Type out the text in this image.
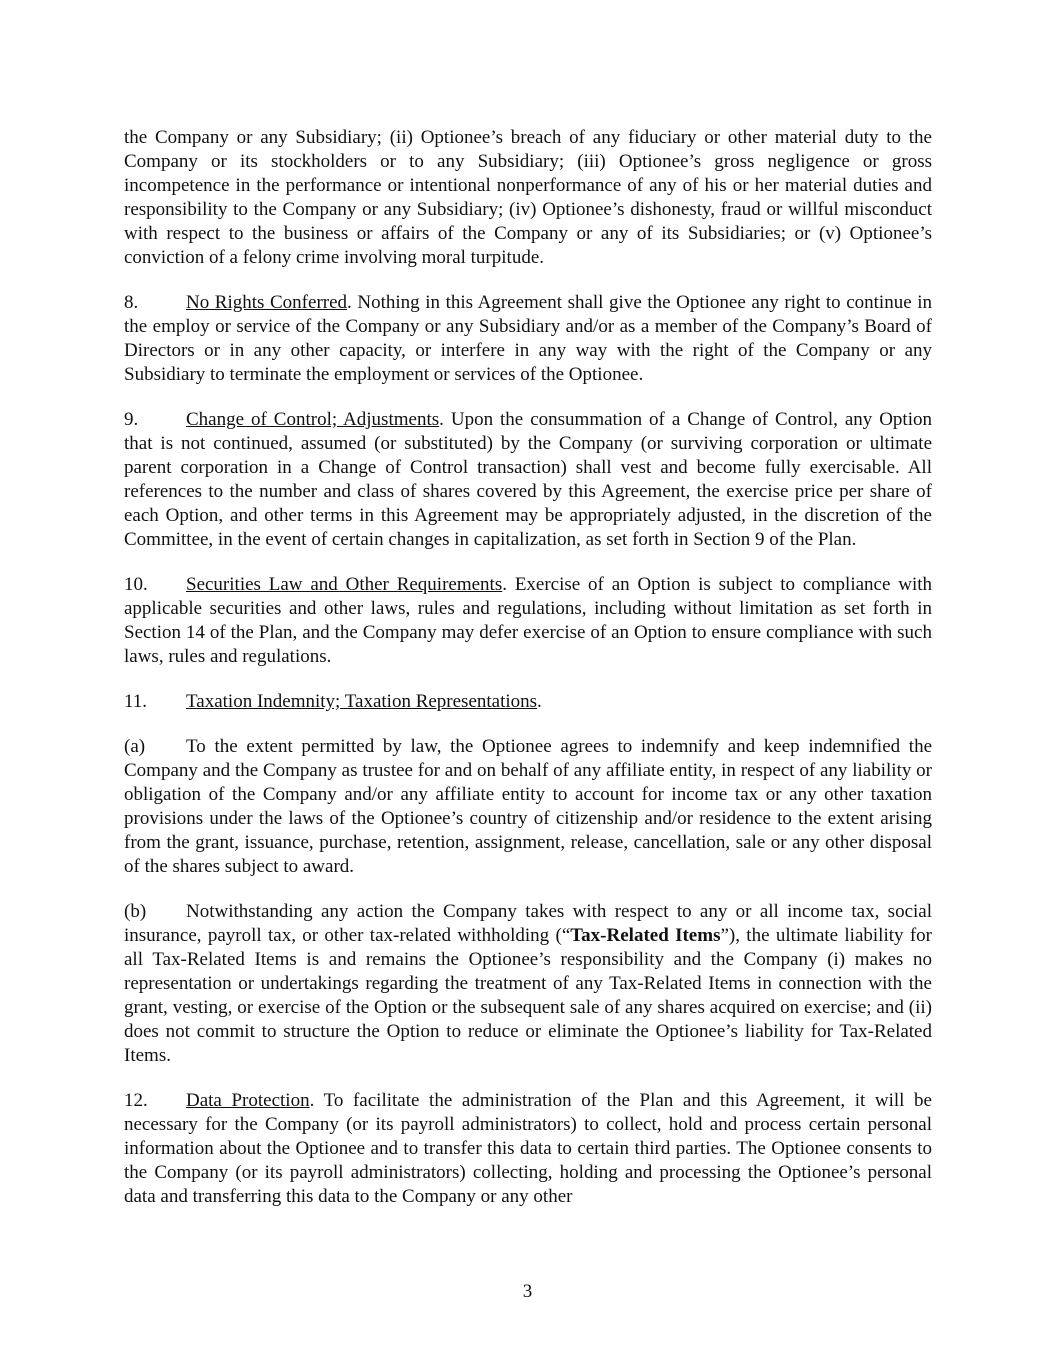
the Company or any Subsidiary; (ii) Optionee’s breach of any fiduciary or other material duty to the Company or its stockholders or to any Subsidiary; (iii) Optionee’s gross negligence or gross incompetence in the performance or intentional nonperformance of any of his or her material duties and responsibility to the Company or any Subsidiary; (iv) Optionee’s dishonesty, fraud or willful misconduct with respect to the business or affairs of the Company or any of its Subsidiaries; or (v) Optionee’s conviction of a felony crime involving moral turpitude.

8.	No Rights Conferred. Nothing in this Agreement shall give the Optionee any right to continue in the employ or service of the Company or any Subsidiary and/or as a member of the Company’s Board of Directors or in any other capacity, or interfere in any way with the right of the Company or any Subsidiary to terminate the employment or services of the Optionee.

9.	Change of Control; Adjustments. Upon the consummation of a Change of Control, any Option that is not continued, assumed (or substituted) by the Company (or surviving corporation or ultimate parent corporation in a Change of Control transaction) shall vest and become fully exercisable. All references to the number and class of shares covered by this Agreement, the exercise price per share of each Option, and other terms in this Agreement may be appropriately adjusted, in the discretion of the Committee, in the event of certain changes in capitalization, as set forth in Section 9 of the Plan.

10. Securities Law and Other Requirements. Exercise of an Option is subject to compliance with applicable securities and other laws, rules and regulations, including without limitation as set forth in Section 14 of the Plan, and the Company may defer exercise of an Option to ensure compliance with such laws, rules and regulations.

11. Taxation Indemnity; Taxation Representations.

(a) To the extent permitted by law, the Optionee agrees to indemnify and keep indemnified the Company and the Company as trustee for and on behalf of any affiliate entity, in respect of any liability or obligation of the Company and/or any affiliate entity to account for income tax or any other taxation provisions under the laws of the Optionee’s country of citizenship and/or residence to the extent arising from the grant, issuance, purchase, retention, assignment, release, cancellation, sale or any other disposal of the shares subject to award.

(b) Notwithstanding any action the Company takes with respect to any or all income tax, social insurance, payroll tax, or other tax-related withholding (“Tax-Related Items”), the ultimate liability for all Tax-Related Items is and remains the Optionee’s responsibility and the Company (i) makes no representation or undertakings regarding the treatment of any Tax-Related Items in connection with the grant, vesting, or exercise of the Option or the subsequent sale of any shares acquired on exercise; and (ii) does not commit to structure the Option to reduce or eliminate the Optionee’s liability for Tax-Related Items.

12. Data Protection. To facilitate the administration of the Plan and this Agreement, it will be necessary for the Company (or its payroll administrators) to collect, hold and process certain personal information about the Optionee and to transfer this data to certain third parties. The Optionee consents to the Company (or its payroll administrators) collecting, holding and processing the Optionee’s personal data and transferring this data to the Company or any other

3
